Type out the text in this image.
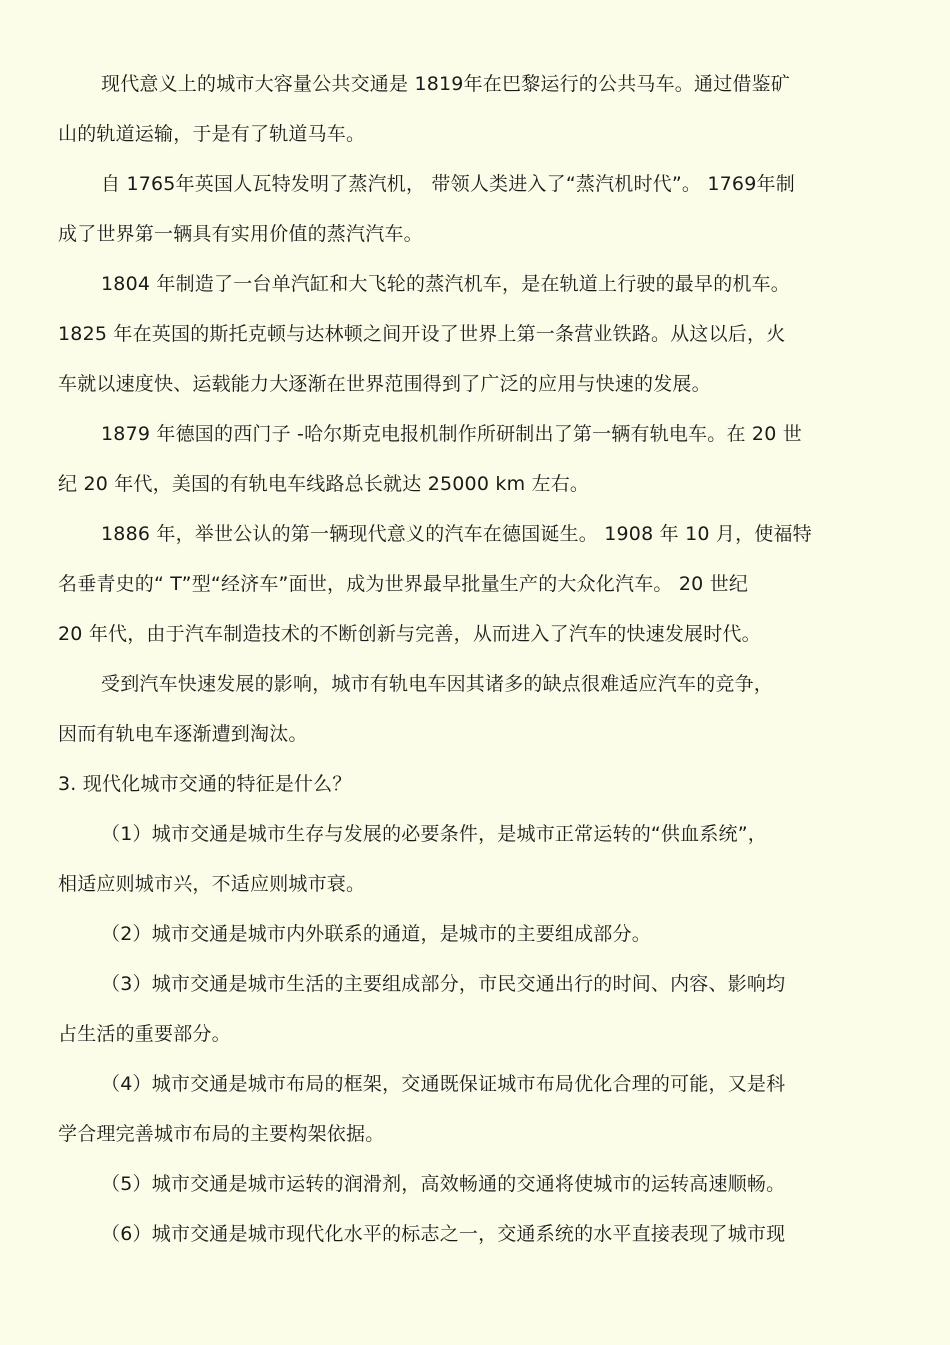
现代意义上的城市大容量公共交通是 1819年在巴黎运行的公共马车。通过借鉴矿
山的轨道运输，于是有了轨道马车。
自 1765年英国人瓦特发明了蒸汽机， 带领人类进入了“蒸汽机时代”。 1769年制
成了世界第一辆具有实用价值的蒸汽汽车。
1804 年制造了一台单汽缸和大飞轮的蒸汽机车，是在轨道上行驶的最早的机车。
1825 年在英国的斯托克顿与达林顿之间开设了世界上第一条营业铁路。从这以后，火
车就以速度快、运载能力大逐渐在世界范围得到了广泛的应用与快速的发展。
1879 年德国的西门子 -哈尔斯克电报机制作所研制出了第一辆有轨电车。在 20 世
纪 20 年代，美国的有轨电车线路总长就达 25000 km 左右。
1886 年，举世公认的第一辆现代意义的汽车在德国诞生。 1908 年 10 月，使福特
名垂青史的“ T”型“经济车”面世，成为世界最早批量生产的大众化汽车。 20 世纪
20 年代，由于汽车制造技术的不断创新与完善，从而进入了汽车的快速发展时代。
受到汽车快速发展的影响，城市有轨电车因其诸多的缺点很难适应汽车的竞争，
因而有轨电车逐渐遭到淘汰。
3. 现代化城市交通的特征是什么？
（1）城市交通是城市生存与发展的必要条件，是城市正常运转的“供血系统”，
相适应则城市兴，不适应则城市衰。
（2）城市交通是城市内外联系的通道，是城市的主要组成部分。
（3）城市交通是城市生活的主要组成部分，市民交通出行的时间、内容、影响均
占生活的重要部分。
（4）城市交通是城市布局的框架，交通既保证城市布局优化合理的可能，又是科
学合理完善城市布局的主要构架依据。
（5）城市交通是城市运转的润滑剂，高效畅通的交通将使城市的运转高速顺畅。
（6）城市交通是城市现代化水平的标志之一，交通系统的水平直接表现了城市现
